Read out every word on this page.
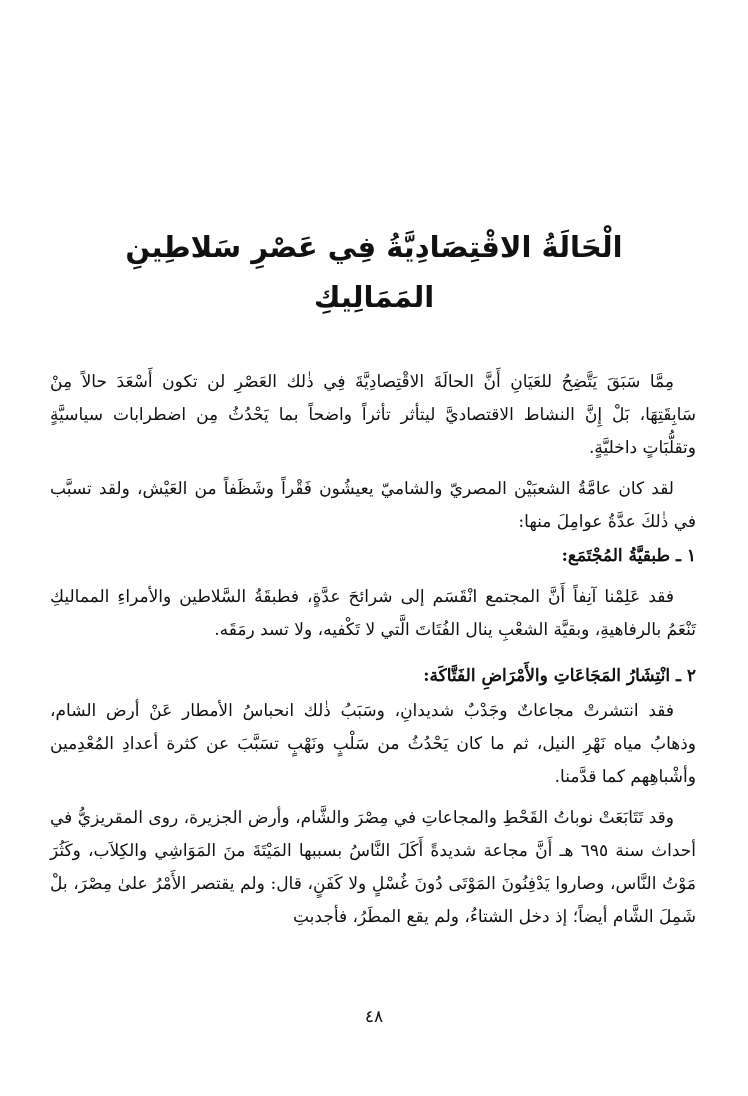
الْحَالَةُ الاقْتِصَادِيَّةُ فِي عَصْرِ سَلاطِينِ المَمَالِيكِ

مِمَّا سَبَقَ يَتَّضِحُ للعَيَانِ أَنَّ الحالَةَ الاقْتِصادِيَّةَ فِي ذٰلك العَصْرِ لن تكون أَسْعَدَ حالاً مِنْ سَابِقَتِهَا، بَلْ إِنَّ النشاط الاقتصاديَّ ليتأثر تأثراً واضحاً بما يَحْدُثُ مِن اضطرابات سياسيَّةٍ وتقلُّبَاتٍ داخليَّةٍ.

لقد كان عامَّةُ الشعبَيْن المصريّ والشاميّ يعيشُون فَقْراً وشَظَفاً من العَيْش، ولقد تسبَّب في ذٰلكَ عدَّةُ عوامِلَ منها:

١ ـ طبقيَّةُ المُجْتَمَع:

فقد عَلِمْنا آنِفاً أَنَّ المجتمع انْقَسَم إلى شرائحَ عدَّةٍ، فطبقَةُ السَّلاطين والأمراءِ المماليكِ تَنْعَمُ بالرفاهيةِ، وبقيَّة الشعْبِ ينال الفُتَاتَ الَّتي لا تَكْفيه، ولا تسد رمَقَه.

٢ ـ انْتِشَارُ المَجَاعَاتِ والأَمْرَاضِ الفَتَّاكَة:

فقد انتشرتْ مجاعاتٌ وجَدْبٌ شديدانِ، وسَبَبُ ذٰلك انحباسُ الأمطار عَنْ أرض الشام، وذهابُ مياه نَهْرِ النيل، ثم ما كان يَحْدُثُ من سَلْبٍ ونَهْبٍ تسَبَّبَ عن كثرة أعدادِ المُعْدِمين وأشْباهِهم كما قدَّمنا.

وقد تَتَابَعَتْ نوباتُ القَحْطِ والمجاعاتِ في مِصْرَ والشَّام، وأرض الجزيرة، روى المقريزيُّ في أحداث سنة ٦٩٥ هـ أَنَّ مجاعة شديدةً أَكَلَ النَّاسُ بسببها المَيْتَةَ منَ المَوَاشِي والكِلاَب، وكَثُرَ مَوْتُ النَّاس، وصاروا يَدْفِنُونَ المَوْتَى دُونَ غُسْلٍ ولا كَفَنٍ، قال: ولم يقتصر الأَمْرُ علىٰ مِصْرَ، بلْ شَمِلَ الشَّام أيضاً؛ إذ دخل الشتاءُ، ولم يقع المطَرُ، فأجدبتِ

٤٨
